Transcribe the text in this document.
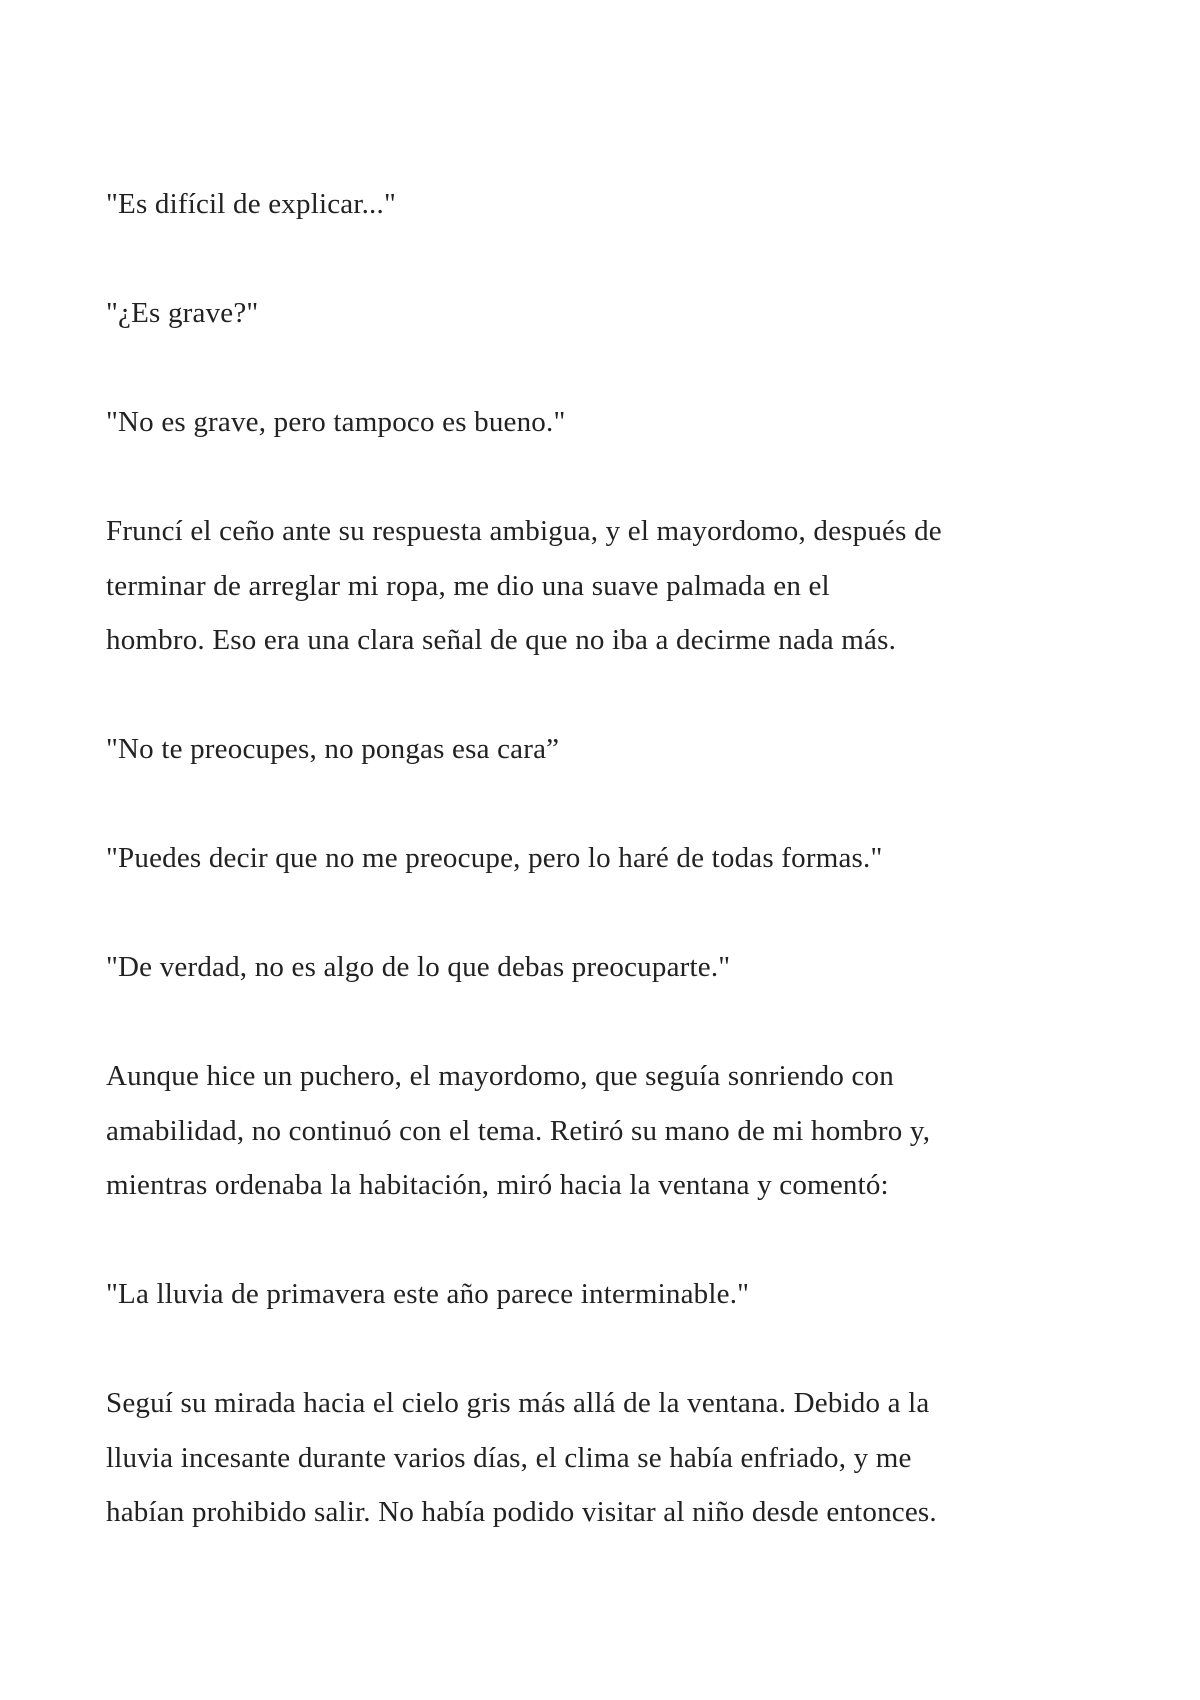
"Es difícil de explicar..."

"¿Es grave?"

"No es grave, pero tampoco es bueno."

Fruncí el ceño ante su respuesta ambigua, y el mayordomo, después de
terminar de arreglar mi ropa, me dio una suave palmada en el
hombro. Eso era una clara señal de que no iba a decirme nada más.

"No te preocupes, no pongas esa cara”

"Puedes decir que no me preocupe, pero lo haré de todas formas."

"De verdad, no es algo de lo que debas preocuparte."

Aunque hice un puchero, el mayordomo, que seguía sonriendo con
amabilidad, no continuó con el tema. Retiró su mano de mi hombro y,
mientras ordenaba la habitación, miró hacia la ventana y comentó:

"La lluvia de primavera este año parece interminable."

Seguí su mirada hacia el cielo gris más allá de la ventana. Debido a la
lluvia incesante durante varios días, el clima se había enfriado, y me
habían prohibido salir. No había podido visitar al niño desde entonces.
